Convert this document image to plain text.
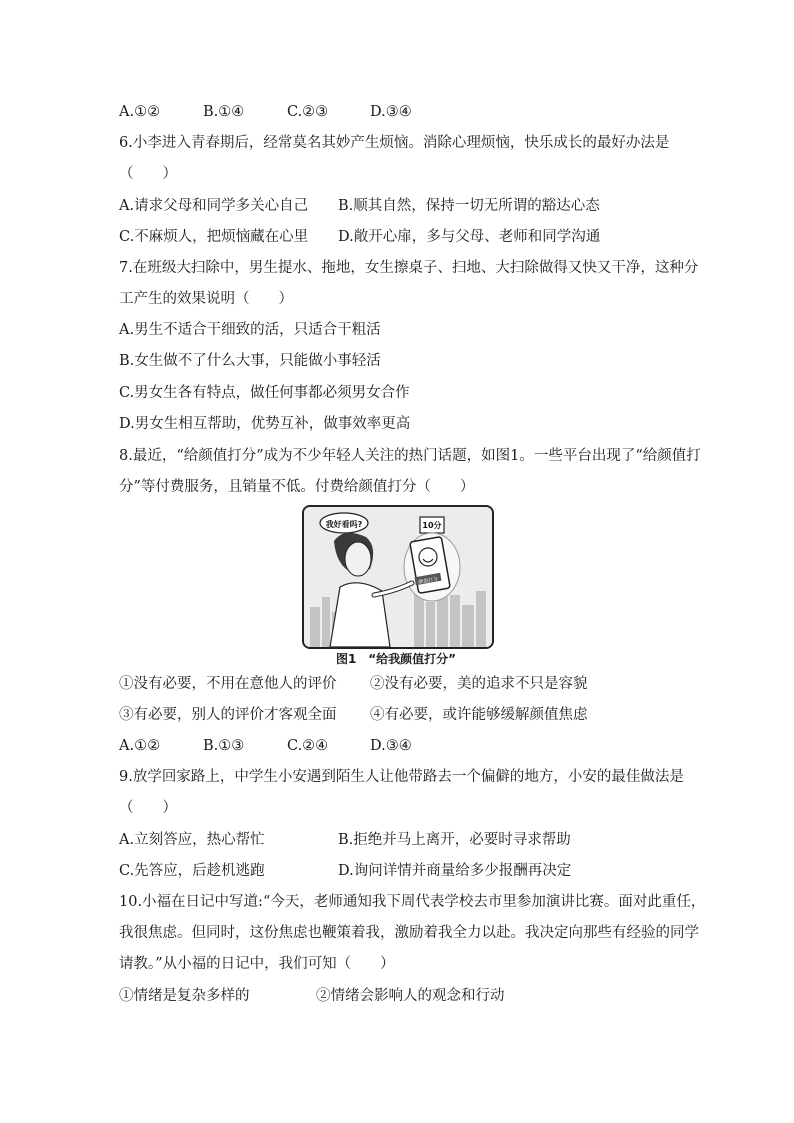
A.①②	B.①④	C.②③	D.③④
6.小李进入青春期后，经常莫名其妙产生烦恼。消除心理烦恼，快乐成长的最好办法是
（　　）
A.请求父母和同学多关心自己 B.顺其自然，保持一切无所谓的豁达心态
C.不麻烦人，把烦恼藏在心里 D.敞开心扉，多与父母、老师和同学沟通
7.在班级大扫除中，男生提水、拖地，女生擦桌子、扫地、大扫除做得又快又干净，这种分
工产生的效果说明（　　）
A.男生不适合干细致的活，只适合干粗活
B.女生做不了什么大事，只能做小事轻活
C.男女生各有特点，做任何事都必须男女合作
D.男女生相互帮助，优势互补，做事效率更高
8.最近，“给颜值打分”成为不少年轻人关注的热门话题，如图1。一些平台出现了“给颜值打
分”等付费服务，且销量不低。付费给颜值打分（　　）
我好看吗?	10分
颜值打分
图1　“给我颜值打分”
①没有必要，不用在意他人的评价 ②没有必要，美的追求不只是容貌
③有必要，别人的评价才客观全面 ④有必要，或许能够缓解颜值焦虑
A.①②	B.①③	C.②④	D.③④
9.放学回家路上，中学生小安遇到陌生人让他带路去一个偏僻的地方，小安的最佳做法是
（　　）
A.立刻答应，热心帮忙	B.拒绝并马上离开，必要时寻求帮助
C.先答应，后趁机逃跑	D.询问详情并商量给多少报酬再决定
10.小福在日记中写道:“今天，老师通知我下周代表学校去市里参加演讲比赛。面对此重任，
我很焦虑。但同时，这份焦虑也鞭策着我，激励着我全力以赴。我决定向那些有经验的同学
请教。”从小福的日记中，我们可知（　　）
①情绪是复杂多样的	②情绪会影响人的观念和行动
